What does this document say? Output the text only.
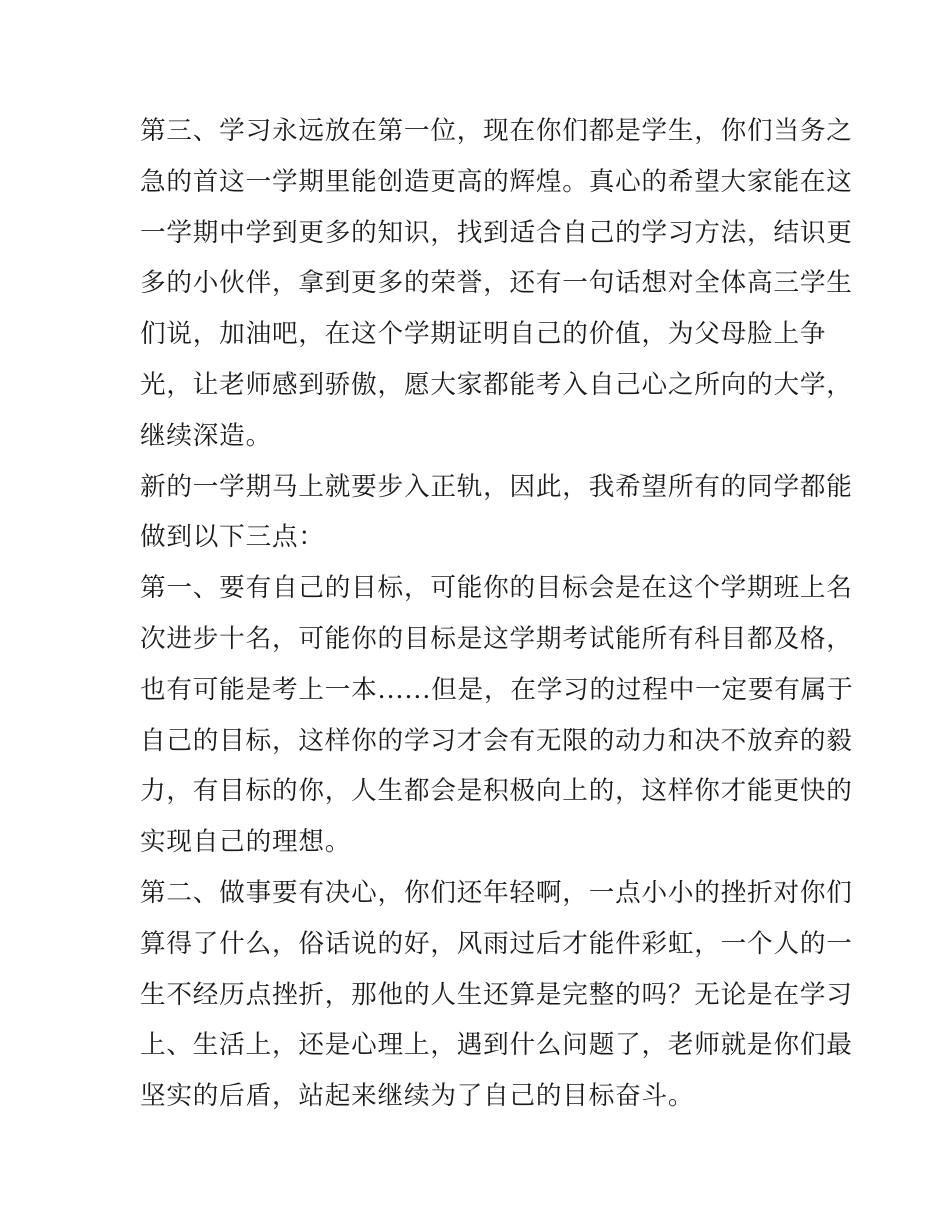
第三、学习永远放在第一位，现在你们都是学生，你们当务之
急的首这一学期里能创造更高的辉煌。真心的希望大家能在这
一学期中学到更多的知识，找到适合自己的学习方法，结识更
多的小伙伴，拿到更多的荣誉，还有一句话想对全体高三学生
们说，加油吧，在这个学期证明自己的价值，为父母脸上争
光，让老师感到骄傲，愿大家都能考入自己心之所向的大学，
继续深造。
新的一学期马上就要步入正轨，因此，我希望所有的同学都能
做到以下三点：
第一、要有自己的目标，可能你的目标会是在这个学期班上名
次进步十名，可能你的目标是这学期考试能所有科目都及格，
也有可能是考上一本......但是，在学习的过程中一定要有属于
自己的目标，这样你的学习才会有无限的动力和决不放弃的毅
力，有目标的你，人生都会是积极向上的，这样你才能更快的
实现自己的理想。
第二、做事要有决心，你们还年轻啊，一点小小的挫折对你们
算得了什么，俗话说的好，风雨过后才能件彩虹，一个人的一
生不经历点挫折，那他的人生还算是完整的吗？无论是在学习
上、生活上，还是心理上，遇到什么问题了，老师就是你们最
坚实的后盾，站起来继续为了自己的目标奋斗。
